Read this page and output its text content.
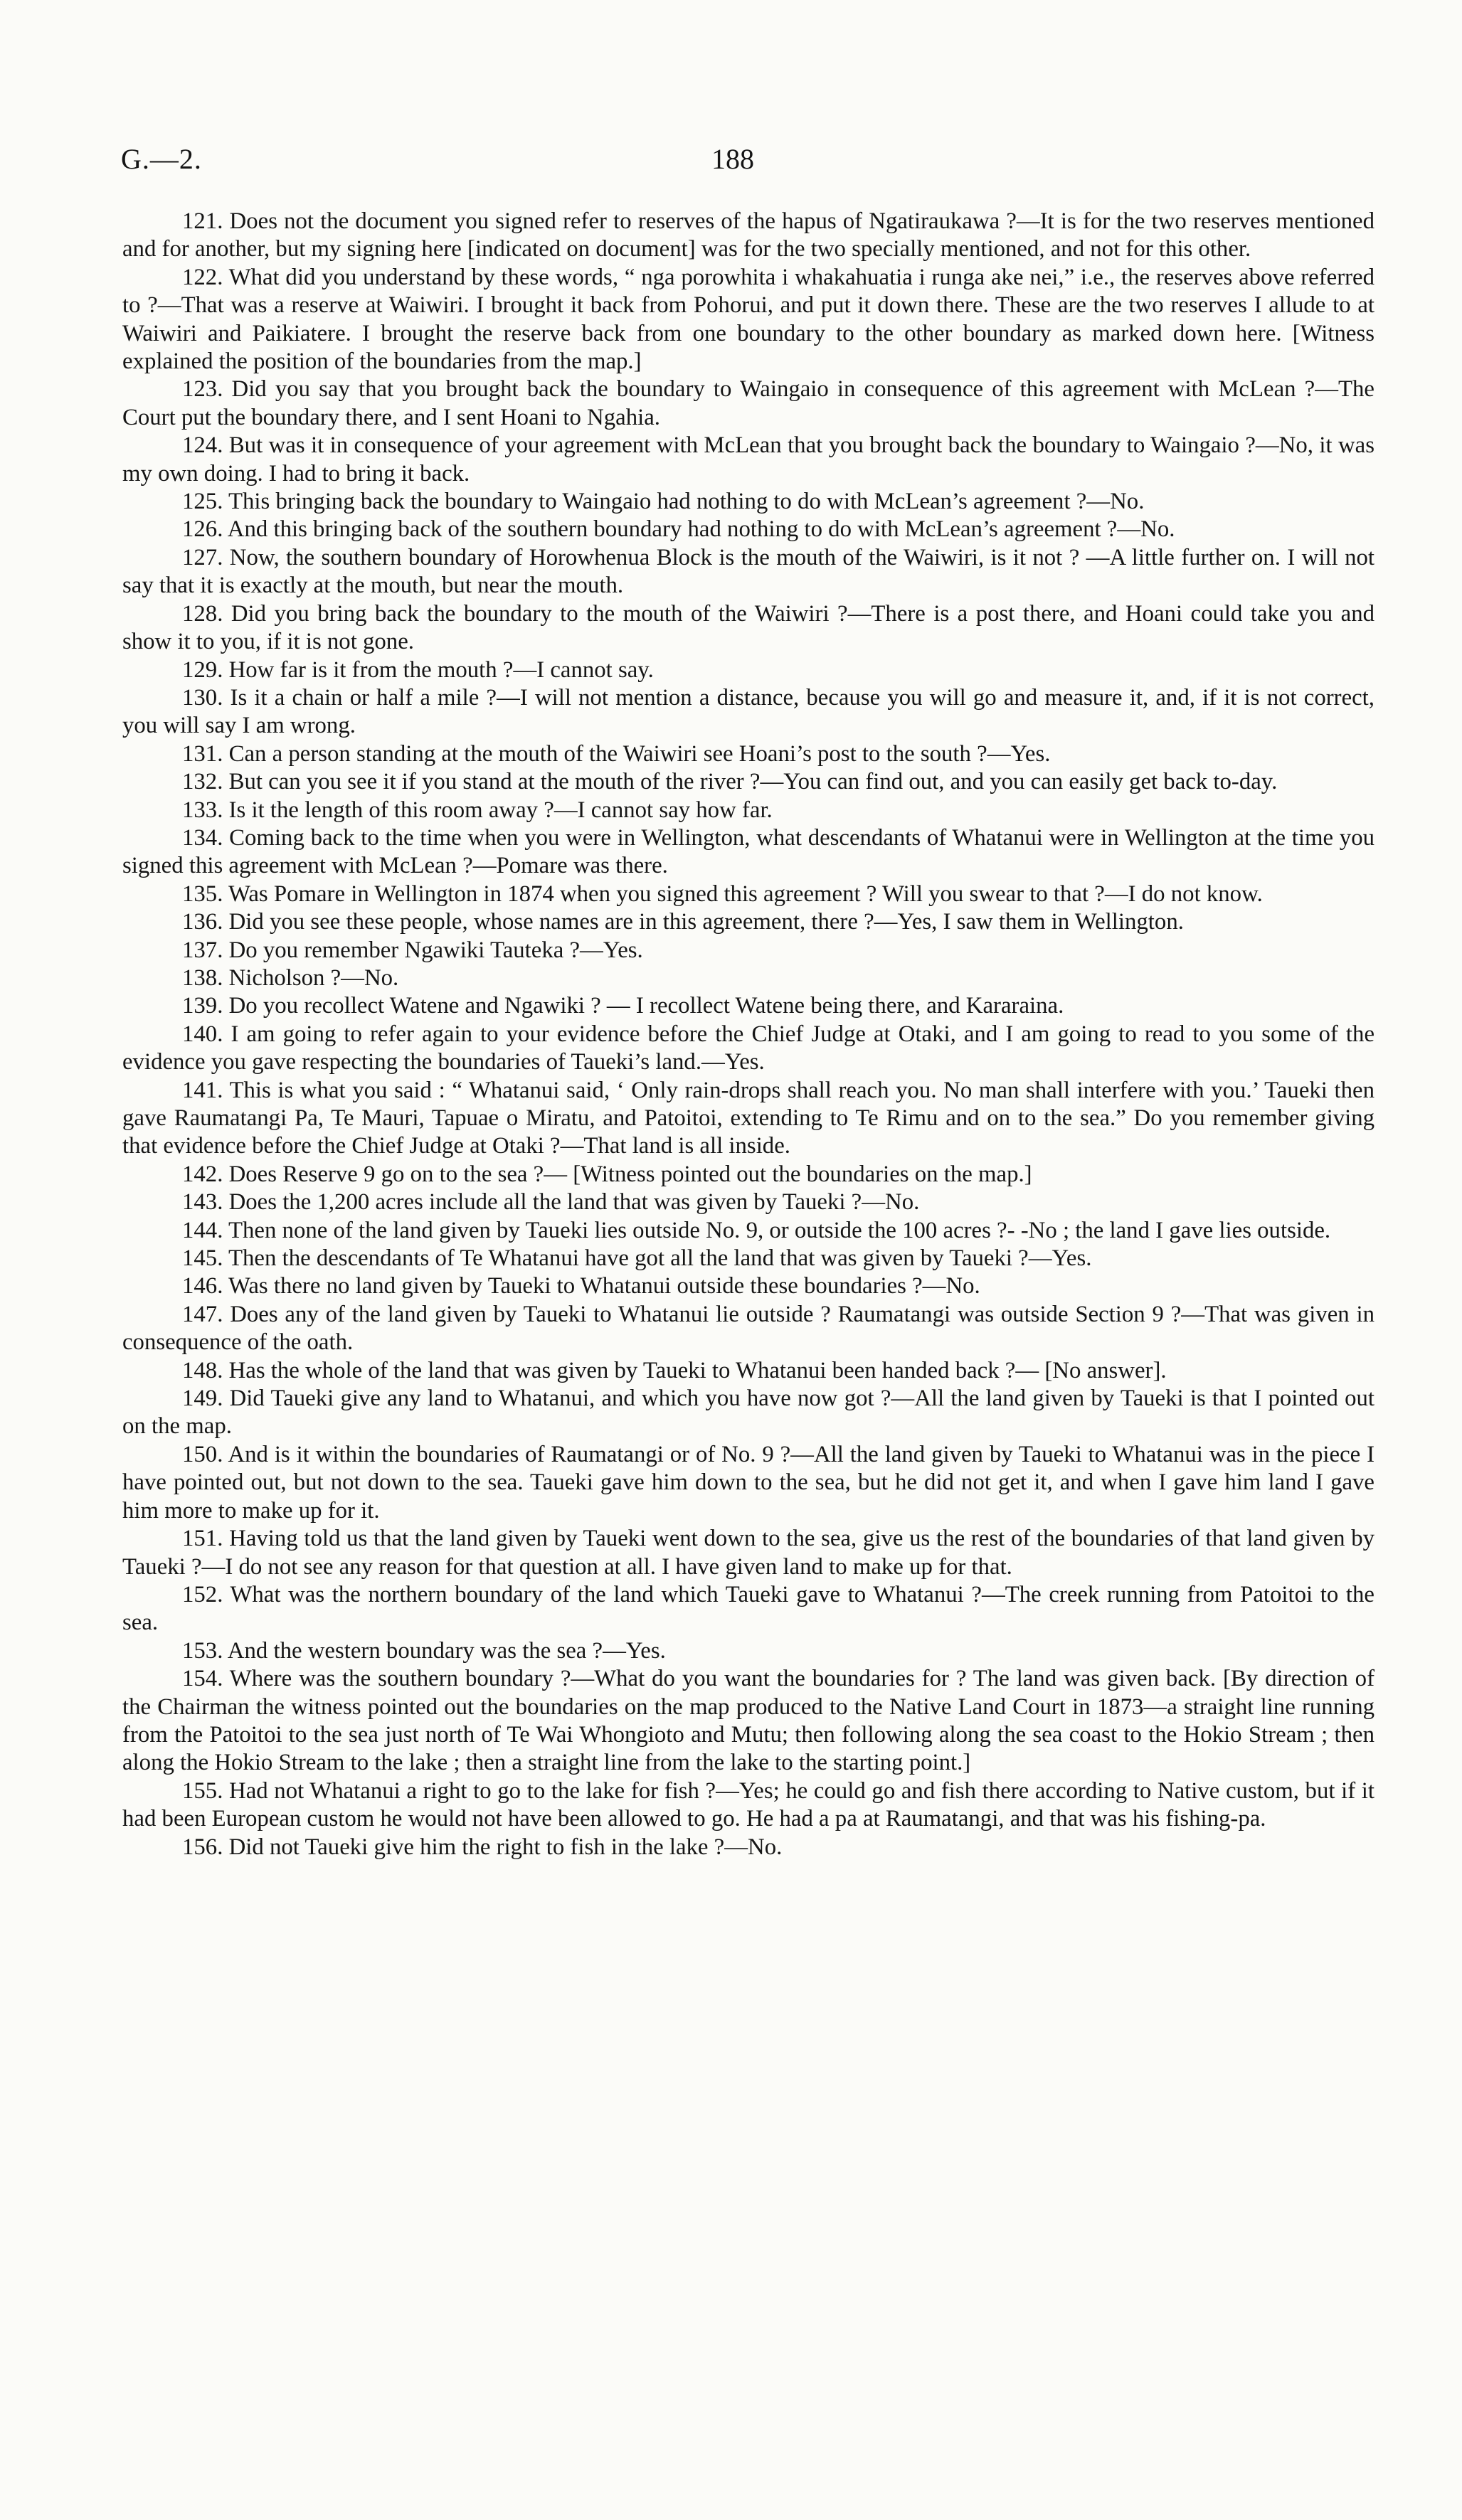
G.—2.	188

121. Does not the document you signed refer to reserves of the hapus of Ngatiraukawa ?—It is for the two reserves mentioned and for another, but my signing here [indicated on document] was for the two specially mentioned, and not for this other.

122. What did you understand by these words, “ nga porowhita i whakahuatia i runga ake nei,” i.e., the reserves above referred to ?—That was a reserve at Waiwiri. I brought it back from Pohorui, and put it down there. These are the two reserves I allude to at Waiwiri and Paikiatere. I brought the reserve back from one boundary to the other boundary as marked down here. [Witness explained the position of the boundaries from the map.]

123. Did you say that you brought back the boundary to Waingaio in consequence of this agreement with McLean ?—The Court put the boundary there, and I sent Hoani to Ngahia.

124. But was it in consequence of your agreement with McLean that you brought back the boundary to Waingaio ?—No, it was my own doing. I had to bring it back.

125. This bringing back the boundary to Waingaio had nothing to do with McLean’s agreement ?—No.

126. And this bringing back of the southern boundary had nothing to do with McLean’s agreement ?—No.

127. Now, the southern boundary of Horowhenua Block is the mouth of the Waiwiri, is it not ? —A little further on. I will not say that it is exactly at the mouth, but near the mouth.

128. Did you bring back the boundary to the mouth of the Waiwiri ?—There is a post there, and Hoani could take you and show it to you, if it is not gone.

129. How far is it from the mouth ?—I cannot say.

130. Is it a chain or half a mile ?—I will not mention a distance, because you will go and measure it, and, if it is not correct, you will say I am wrong.

131. Can a person standing at the mouth of the Waiwiri see Hoani’s post to the south ?—Yes.

132. But can you see it if you stand at the mouth of the river ?—You can find out, and you can easily get back to-day.

133. Is it the length of this room away ?—I cannot say how far.

134. Coming back to the time when you were in Wellington, what descendants of Whatanui were in Wellington at the time you signed this agreement with McLean ?—Pomare was there.

135. Was Pomare in Wellington in 1874 when you signed this agreement ? Will you swear to that ?—I do not know.

136. Did you see these people, whose names are in this agreement, there ?—Yes, I saw them in Wellington.

137. Do you remember Ngawiki Tauteka ?—Yes.

138. Nicholson ?—No.

139. Do you recollect Watene and Ngawiki ? — I recollect Watene being there, and Kararaina.

140. I am going to refer again to your evidence before the Chief Judge at Otaki, and I am going to read to you some of the evidence you gave respecting the boundaries of Taueki’s land.—Yes.

141. This is what you said : “ Whatanui said, ‘ Only rain-drops shall reach you. No man shall interfere with you.’ Taueki then gave Raumatangi Pa, Te Mauri, Tapuae o Miratu, and Patoitoi, extending to Te Rimu and on to the sea.” Do you remember giving that evidence before the Chief Judge at Otaki ?—That land is all inside.

142. Does Reserve 9 go on to the sea ?— [Witness pointed out the boundaries on the map.]

143. Does the 1,200 acres include all the land that was given by Taueki ?—No.

144. Then none of the land given by Taueki lies outside No. 9, or outside the 100 acres ?- -No ; the land I gave lies outside.

145. Then the descendants of Te Whatanui have got all the land that was given by Taueki ?—Yes.

146. Was there no land given by Taueki to Whatanui outside these boundaries ?—No.

147. Does any of the land given by Taueki to Whatanui lie outside ? Raumatangi was outside Section 9 ?—That was given in consequence of the oath.

148. Has the whole of the land that was given by Taueki to Whatanui been handed back ?— [No answer].

149. Did Taueki give any land to Whatanui, and which you have now got ?—All the land given by Taueki is that I pointed out on the map.

150. And is it within the boundaries of Raumatangi or of No. 9 ?—All the land given by Taueki to Whatanui was in the piece I have pointed out, but not down to the sea. Taueki gave him down to the sea, but he did not get it, and when I gave him land I gave him more to make up for it.

151. Having told us that the land given by Taueki went down to the sea, give us the rest of the boundaries of that land given by Taueki ?—I do not see any reason for that question at all. I have given land to make up for that.

152. What was the northern boundary of the land which Taueki gave to Whatanui ?—The creek running from Patoitoi to the sea.

153. And the western boundary was the sea ?—Yes.

154. Where was the southern boundary ?—What do you want the boundaries for ? The land was given back. [By direction of the Chairman the witness pointed out the boundaries on the map produced to the Native Land Court in 1873—a straight line running from the Patoitoi to the sea just north of Te Wai Whongioto and Mutu; then following along the sea coast to the Hokio Stream ; then along the Hokio Stream to the lake ; then a straight line from the lake to the starting point.]

155. Had not Whatanui a right to go to the lake for fish ?—Yes; he could go and fish there according to Native custom, but if it had been European custom he would not have been allowed to go. He had a pa at Raumatangi, and that was his fishing-pa.

156. Did not Taueki give him the right to fish in the lake ?—No.
